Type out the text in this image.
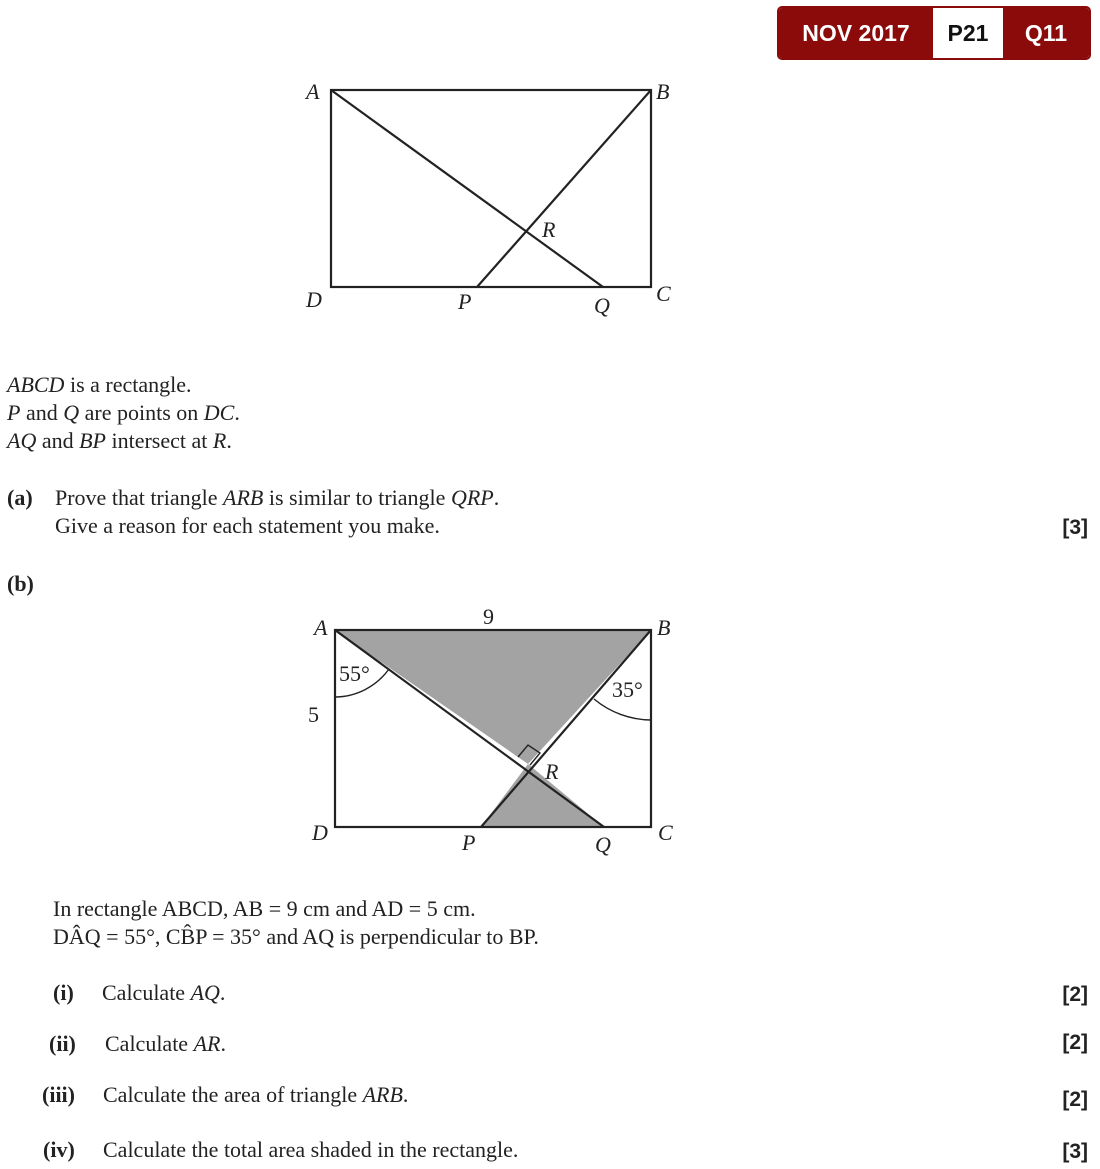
NOV 2017	P21	Q11
A	B
C
D	P	Q
R
ABCD is a rectangle.
P and Q are points on DC.
AQ and BP intersect at R.
(a) Prove that triangle ARB is similar to triangle QRP.
Give a reason for each statement you make.	[3]
(b)
A	B
C
D	P	Q
R
9
5
55°
35°
In rectangle ABCD, AB = 9 cm and AD = 5 cm.
DÂQ = 55°, CB̂P = 35° and AQ is perpendicular to BP.
(i) Calculate AQ.	[2]
(ii) Calculate AR.	[2]
(iii) Calculate the area of triangle ARB.	[2]
(iv) Calculate the total area shaded in the rectangle.	[3]
